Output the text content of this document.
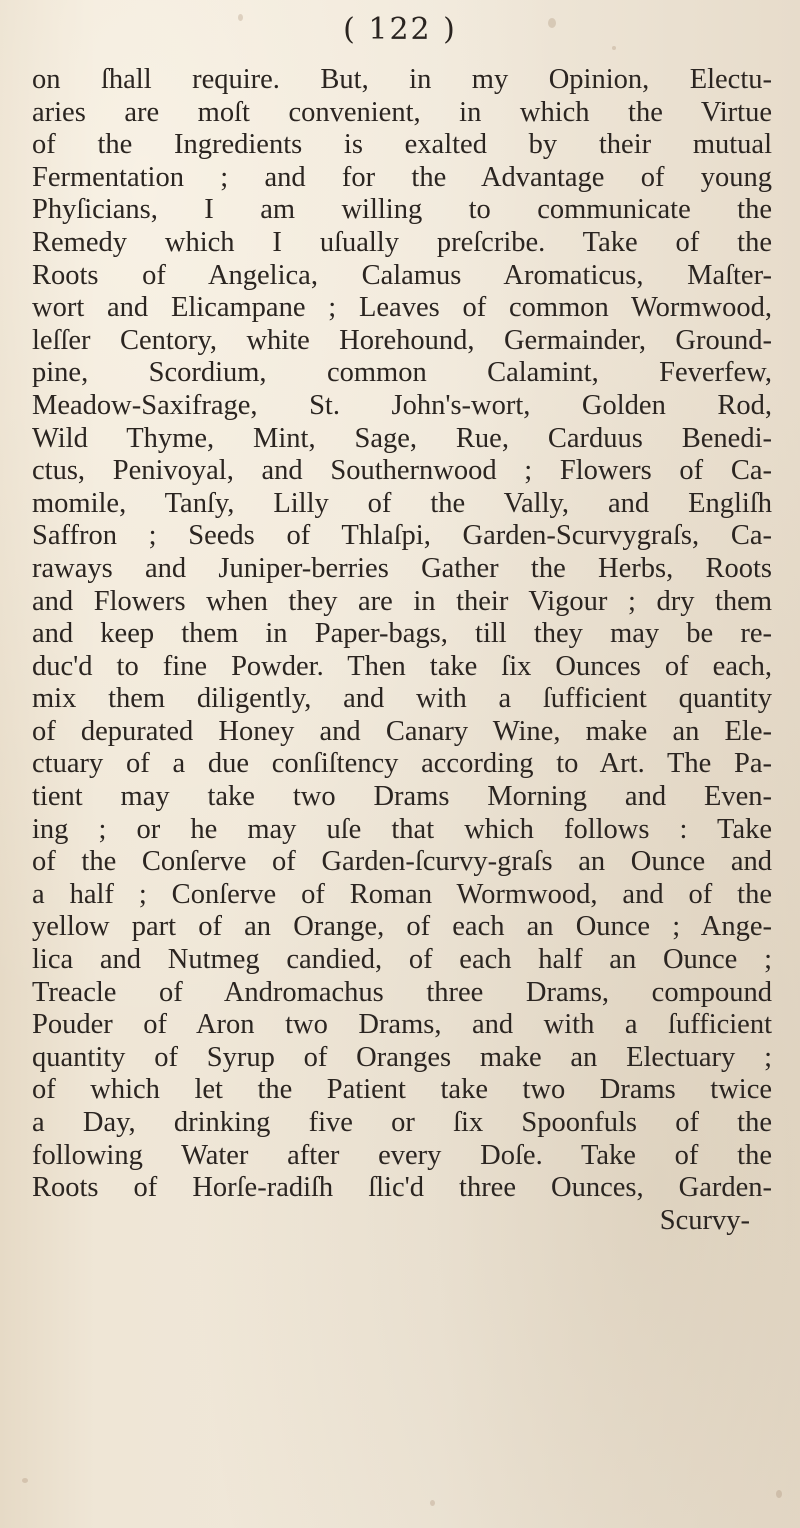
( 122 )
on ſhall require. But, in my Opinion, Electu-
aries are moſt convenient, in which the Virtue
of the Ingredients is exalted by their mutual
Fermentation ; and for the Advantage of young
Phyſicians, I am willing to communicate the
Remedy which I uſually preſcribe. Take of the
Roots of Angelica, Calamus Aromaticus, Maſter-
wort and Elicampane ; Leaves of common Wormwood,
leſſer Centory, white Horehound, Germainder, Ground-
pine, Scordium, common Calamint, Feverfew,
Meadow-Saxifrage, St. John's-wort, Golden Rod,
Wild Thyme, Mint, Sage, Rue, Carduus Benedi-
ctus, Penivoyal, and Southernwood ; Flowers of Ca-
momile, Tanſy, Lilly of the Vally, and Engliſh
Saffron ; Seeds of Thlaſpi, Garden-Scurvygraſs, Ca-
raways and Juniper-berries Gather the Herbs, Roots
and Flowers when they are in their Vigour ; dry them
and keep them in Paper-bags, till they may be re-
duc'd to fine Powder. Then take ſix Ounces of each,
mix them diligently, and with a ſufficient quantity
of depurated Honey and Canary Wine, make an Ele-
ctuary of a due conſiſtency according to Art. The Pa-
tient may take two Drams Morning and Even-
ing ; or he may uſe that which follows : Take
of the Conſerve of Garden-ſcurvy-graſs an Ounce and
a half ; Conſerve of Roman Wormwood, and of the
yellow part of an Orange, of each an Ounce ; Ange-
lica and Nutmeg candied, of each half an Ounce ;
Treacle of Andromachus three Drams, compound
Pouder of Aron two Drams, and with a ſufficient
quantity of Syrup of Oranges make an Electuary ;
of which let the Patient take two Drams twice
a Day, drinking five or ſix Spoonfuls of the
following Water after every Doſe. Take of the
Roots of Horſe-radiſh ſlic'd three Ounces, Garden-
Scurvy-
